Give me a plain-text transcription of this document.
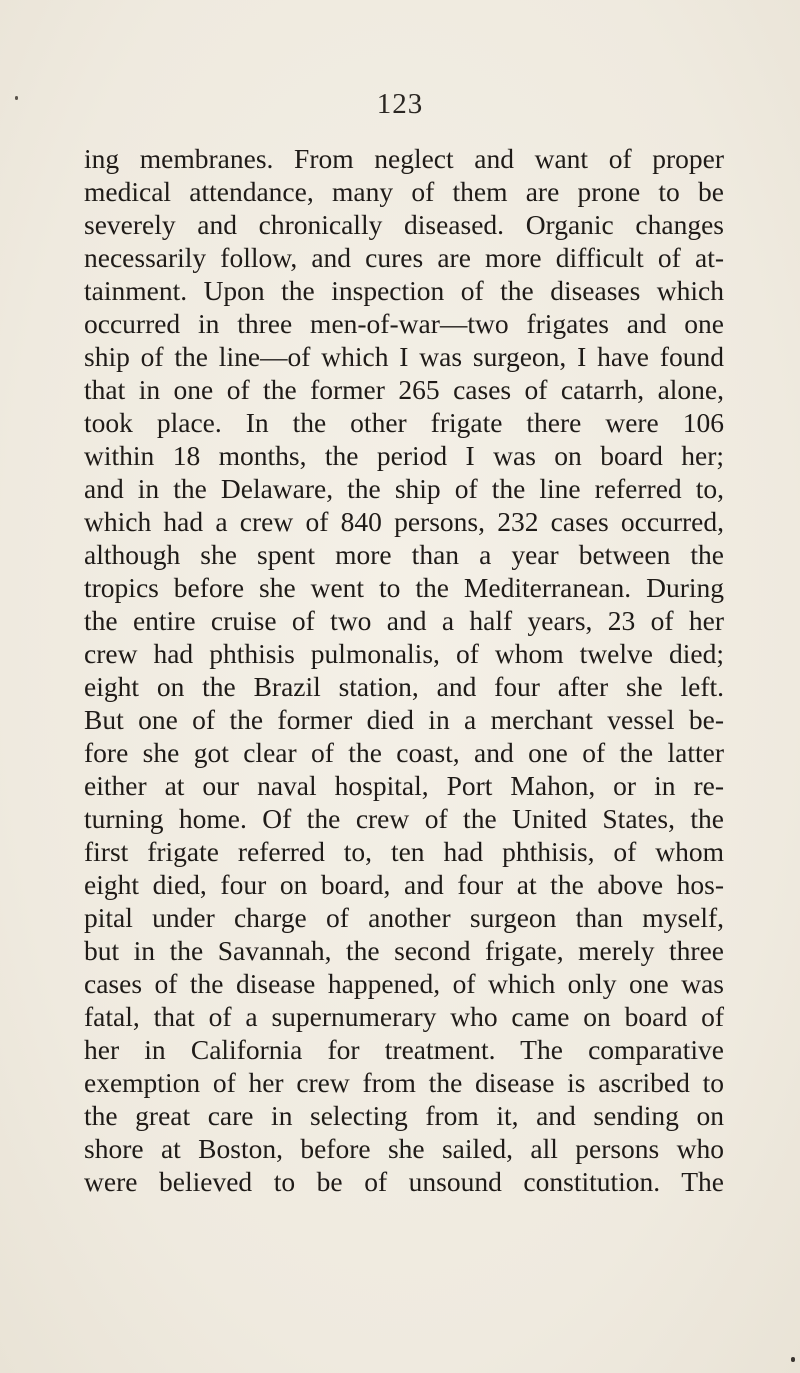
123
ing membranes. From neglect and want of proper
medical attendance, many of them are prone to be
severely and chronically diseased. Organic changes
necessarily follow, and cures are more difficult of at-
tainment. Upon the inspection of the diseases which
occurred in three men-of-war—two frigates and one
ship of the line—of which I was surgeon, I have found
that in one of the former 265 cases of catarrh, alone,
took place. In the other frigate there were 106
within 18 months, the period I was on board her;
and in the Delaware, the ship of the line referred to,
which had a crew of 840 persons, 232 cases occurred,
although she spent more than a year between the
tropics before she went to the Mediterranean. During
the entire cruise of two and a half years, 23 of her
crew had phthisis pulmonalis, of whom twelve died;
eight on the Brazil station, and four after she left.
But one of the former died in a merchant vessel be-
fore she got clear of the coast, and one of the latter
either at our naval hospital, Port Mahon, or in re-
turning home. Of the crew of the United States, the
first frigate referred to, ten had phthisis, of whom
eight died, four on board, and four at the above hos-
pital under charge of another surgeon than myself,
but in the Savannah, the second frigate, merely three
cases of the disease happened, of which only one was
fatal, that of a supernumerary who came on board of
her in California for treatment. The comparative
exemption of her crew from the disease is ascribed to
the great care in selecting from it, and sending on
shore at Boston, before she sailed, all persons who
were believed to be of unsound constitution. The
